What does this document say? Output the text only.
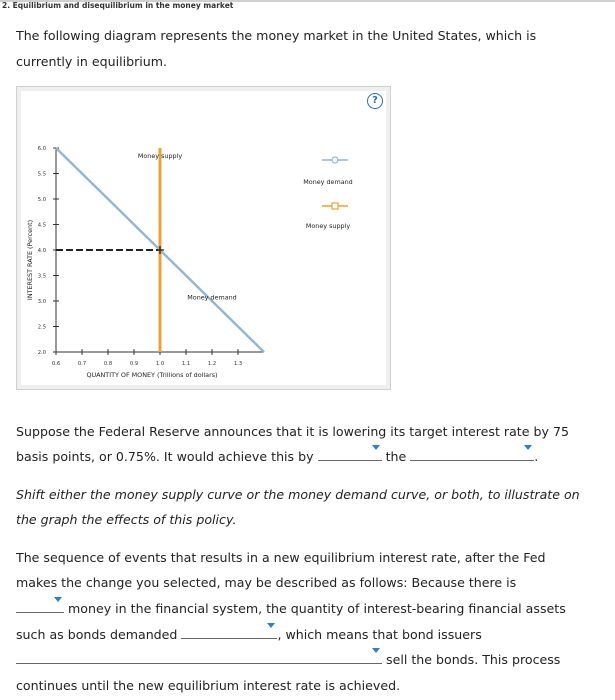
2. Equilibrium and disequilibrium in the money market

The following diagram represents the money market in the United States, which is

currently in equilibrium.

?
2.0
2.5
3.0
3.5
4.0
4.5
5.0
5.5
6.0
0.6	0.7	0.8	0.9	1.0	1.1	1.2	1.3
QUANTITY OF MONEY (Trillions of dollars)
INTEREST RATE (Percent)
Money supply
Money demand
Money demand
Money supply

Suppose the Federal Reserve announces that it is lowering its target interest rate by 75

basis points, or 0.75%. It would achieve this by	the	.

Shift either the money supply curve or the money demand curve, or both, to illustrate on

the graph the effects of this policy.

The sequence of events that results in a new equilibrium interest rate, after the Fed

makes the change you selected, may be described as follows: Because there is

money in the financial system, the quantity of interest-bearing financial assets

such as bonds demanded	, which means that bond issuers

sell the bonds. This process

continues until the new equilibrium interest rate is achieved.
